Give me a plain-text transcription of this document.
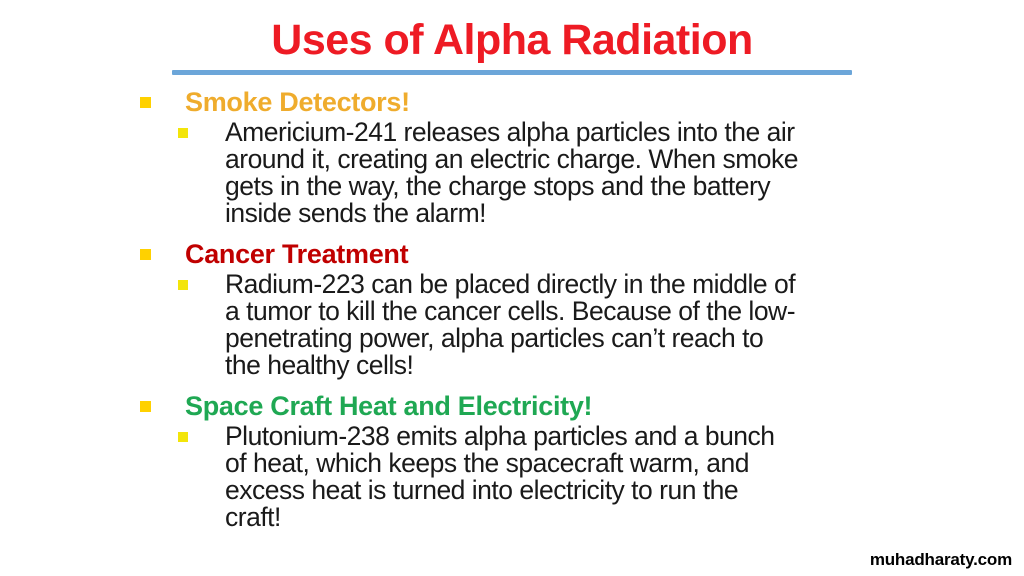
Uses of Alpha Radiation
Smoke Detectors!
Americium-241 releases alpha particles into the air
around it, creating an electric charge. When smoke
gets in the way, the charge stops and the battery
inside sends the alarm!
Cancer Treatment
Radium-223 can be placed directly in the middle of
a tumor to kill the cancer cells. Because of the low-
penetrating power, alpha particles can’t reach to
the healthy cells!
Space Craft Heat and Electricity!
Plutonium-238 emits alpha particles and a bunch
of heat, which keeps the spacecraft warm, and
excess heat is turned into electricity to run the
craft!
muhadharaty.com
